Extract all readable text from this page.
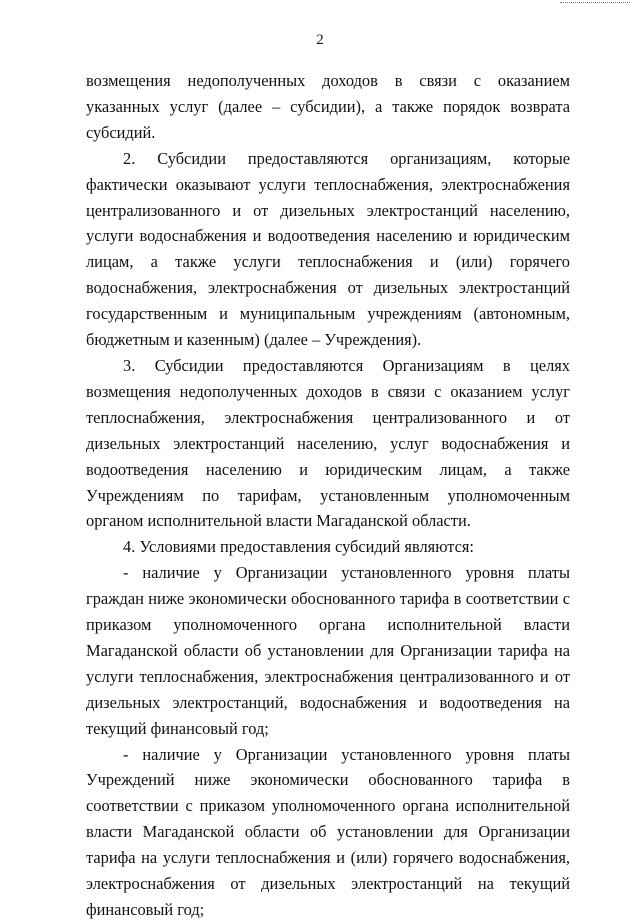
2

возмещения недополученных доходов в связи с оказанием указанных услуг (далее – субсидии), а также порядок возврата субсидий.

2. Субсидии предоставляются организациям, которые фактически оказывают услуги теплоснабжения, электроснабжения централизованного и от дизельных электростанций населению, услуги водоснабжения и водоотведения населению и юридическим лицам, а также услуги теплоснабжения и (или) горячего водоснабжения, электроснабжения от дизельных электростанций государственным и муниципальным учреждениям (автономным, бюджетным и казенным) (далее – Учреждения).

3. Субсидии предоставляются Организациям в целях возмещения недополученных доходов в связи с оказанием услуг теплоснабжения, электроснабжения централизованного и от дизельных электростанций населению, услуг водоснабжения и водоотведения населению и юридическим лицам, а также Учреждениям по тарифам, установленным уполномоченным органом исполнительной власти Магаданской области.

4. Условиями предоставления субсидий являются:

- наличие у Организации установленного уровня платы граждан ниже экономически обоснованного тарифа в соответствии с приказом уполномоченного органа исполнительной власти Магаданской области об установлении для Организации тарифа на услуги теплоснабжения, электроснабжения централизованного и от дизельных электростанций, водоснабжения и водоотведения на текущий финансовый год;

- наличие у Организации установленного уровня платы Учреждений ниже экономически обоснованного тарифа в соответствии с приказом уполномоченного органа исполнительной власти Магаданской области об установлении для Организации тарифа на услуги теплоснабжения и (или) горячего водоснабжения, электроснабжения от дизельных электростанций на текущий финансовый год;
